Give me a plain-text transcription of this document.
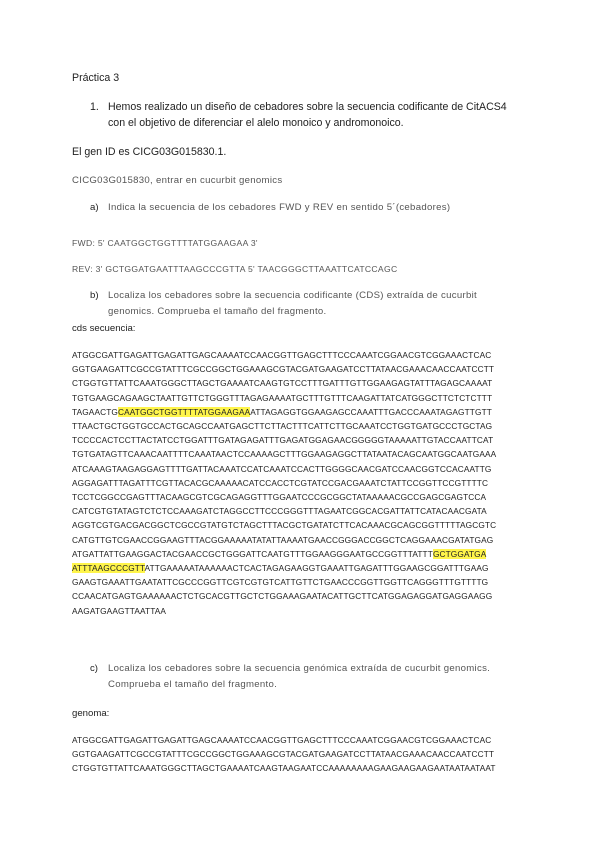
Práctica 3

1. Hemos realizado un diseño de cebadores sobre la secuencia codificante de CitACS4

con el objetivo de diferenciar el alelo monoico y andromonoico.

El gen ID es CICG03G015830.1.

CICG03G015830, entrar en cucurbit genomics

a) Indica la secuencia de los cebadores FWD y REV en sentido 5´(cebadores)

FWD: 5' CAATGGCTGGTTTTATGGAAGAA 3'

REV: 3' GCTGGATGAATTTAAGCCCGTTA 5' TAACGGGCTTAAATTCATCCAGC

b) Localiza los cebadores sobre la secuencia codificante (CDS) extraída de cucurbit

genomics. Comprueba el tamaño del fragmento.

cds secuencia:

ATGGCGATTGAGATTGAGATTGAGCAAAATCCAACGGTTGAGCTTTCCCAAATCGGAACGTCGGAAACTCAC
GGTGAAGATTCGCCGTATTTCGCCGGCTGGAAAGCGTACGATGAAGATCCTTATAACGAAACAACCAATCCTT
CTGGTGTTATTCAAATGGGCTTAGCTGAAAATCAAGTGTCCTTTGATTTGTTGGAAGAGTATTTAGAGCAAAAT
TGTGAAGCAGAAGCTAATTGTTCTGGGTTTAGAGAAAATGCTTTGTTTCAAGATTATCATGGGCTTCTCTCTTT
TAGAACTGCAATGGCTGGTTTTATGGAAGAAATTAGAGGTGGAAGAGCCAAATTTGACCCAAATAGAGTTGTT
TTAACTGCTGGTGCCACTGCAGCCAATGAGCTTCTTACTTTCATTCTTGCAAATCCTGGTGATGCCCTGCTAG
TCCCCACTCCTTACTATCCTGGATTTGATAGAGATTTGAGATGGAGAACGGGGGTAAAAATTGTACCAATTCAT
TGTGATAGTTCAAACAATTTTCAAATAACTCCAAAAGCTTTGGAAGAGGCTTATAATACAGCAATGGCAATGAAA
ATCAAAGTAAGAGGAGTTTTGATTACAAATCCATCAAATCCACTTGGGGCAACGATCCAACGGTCCACAATTG
AGGAGATTTAGATTTCGTTACACGCAAAAACATCCACCTCGTATCCGACGAAATCTATTCCGGTTCCGTTTTC
TCCTCGGCCGAGTTTACAAGCGTCGCAGAGGTTTGGAATCCCGCGGCTATAAAAACGCCGAGCGAGTCCA
CATCGTGTATAGTCTCTCCAAAGATCTAGGCCTTCCCGGGTTTAGAATCGGCACGATTATTCATACAACGATA
AGGTCGTGACGACGGCTCGCCGTATGTCTAGCTTTACGCTGATATCTTCACAAACGCAGCGGTTTTTAGCGTC
CATGTTGTCGAACCGGAAGTTTACGGAAAAATATATTAAAATGAACCGGGACCGGCTCAGGAAACGATATGAG
ATGATTATTGAAGGACTACGAACCGCTGGGATTCAATGTTTGGAAGGGAATGCCGGTTTATTTGCTGGATGA
ATTTAAGCCCGTTATTGAAAAATAAAAAACTCACTAGAGAAGGTGAAATTGAGATTTGGAAGCGGATTTGAAG
GAAGTGAAATTGAATATTCGCCCGGTTCGTCGTGTCATTGTTCTGAACCCGGTTGGTTCAGGGTTTGTTTTG
CCAACATGAGTGAAAAAACTCTGCACGTTGCTCTGGAAAGAATACATTGCTTCATGGAGAGGATGAGGAAGG
AAGATGAAGTTAATTAA
c) Localiza los cebadores sobre la secuencia genómica extraída de cucurbit genomics.

Comprueba el tamaño del fragmento.

genoma:

ATGGCGATTGAGATTGAGATTGAGCAAAATCCAACGGTTGAGCTTTCCCAAATCGGAACGTCGGAAACTCAC
GGTGAAGATTCGCCGTATTTCGCCGGCTGGAAAGCGTACGATGAAGATCCTTATAACGAAACAACCAATCCTT
CTGGTGTTATTCAAATGGGCTTAGCTGAAAATCAAGTAAGAATCCAAAAAAAAGAAGAAGAAGAATAATAATAAT
